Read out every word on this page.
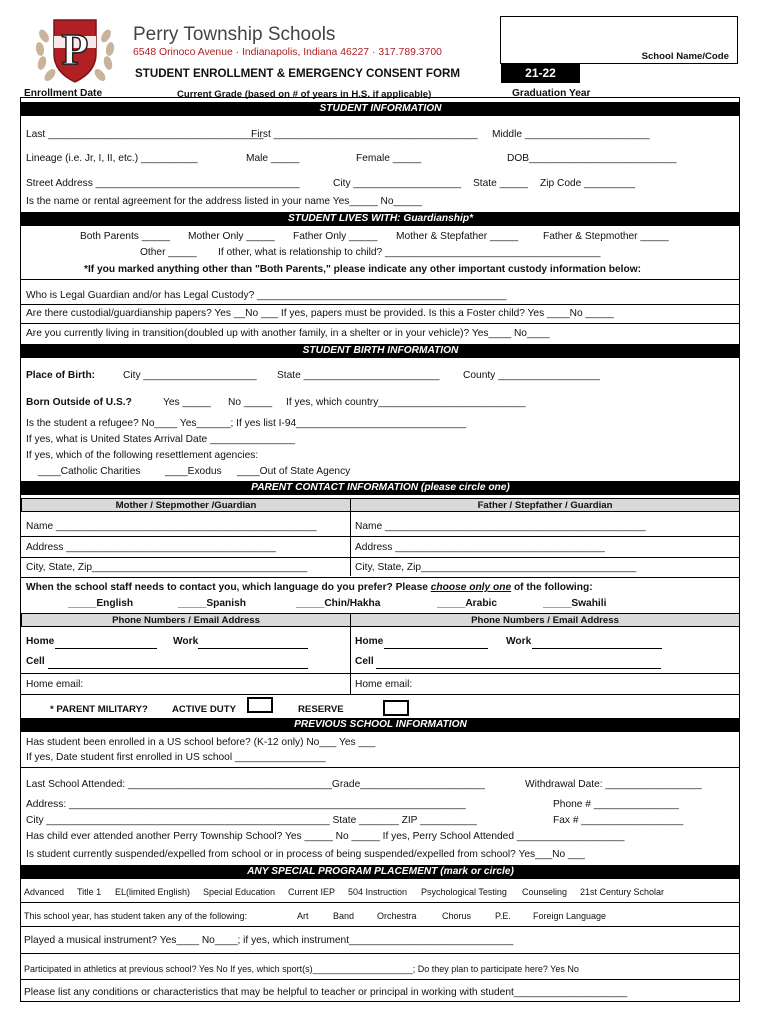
P Perry Township Schools
6548 Orinoco Avenue · Indianapolis, Indiana 46227 · 317.789.3700
STUDENT ENROLLMENT & EMERGENCY CONSENT FORM
School Name/Code
21-22
Enrollment Date __________ Current Grade (based on # of years in H.S. if applicable)_______	Graduation Year__________
STUDENT INFORMATION
Last ______________________________________
First ____________________________________ Middle ______________________
Lineage (i.e. Jr, I, II, etc.) __________	Male _____	Female _____	DOB__________________________
Street Address ____________________________________	City ___________________ State _____ Zip Code _________
Is the name or rental agreement for the address listed in your name Yes_____ No_____
STUDENT LIVES WITH: Guardianship*
Both Parents _____ Mother Only _____ Father Only _____ Mother & Stepfather _____ Father & Stepmother _____
Other _____ If other, what is relationship to child? ______________________________________
*If you marked anything other than "Both Parents," please indicate any other important custody information below:
Who is Legal Guardian and/or has Legal Custody? ____________________________________________
Are there custodial/guardianship papers? Yes __No ___ If yes, papers must be provided. Is this a Foster child? Yes ____No _____
Are you currently living in transition(doubled up with another family, in a shelter or in your vehicle)? Yes____ No____
STUDENT BIRTH INFORMATION
Place of Birth:	City ____________________ State ________________________ County __________________
Born Outside of U.S.?	Yes _____ No _____ If yes, which country__________________________
Is the student a refugee? No____ Yes______; If yes list I-94______________________________
If yes, what is United States Arrival Date _______________
If yes, which of the following resettlement agencies:
____Catholic Charities ____Exodus ____Out of State Agency
PARENT CONTACT INFORMATION (please circle one)
Mother / Stepmother /Guardian	Father / Stepfather / Guardian
Name ______________________________________________	Name ______________________________________________
Address _____________________________________	Address _____________________________________
City, State, Zip______________________________________	City, State, Zip______________________________________
When the school staff needs to contact you, which language do you prefer? Please choose only one of the following:
_____English	_____Spanish	_____Chin/Hakha	_____Arabic	_____Swahili
Phone Numbers / Email Address	Phone Numbers / Email Address
Home	Work	Home	Work
Cell	Cell
Home email:	Home email:
* PARENT MILITARY?	ACTIVE DUTY	RESERVE
PREVIOUS SCHOOL INFORMATION
Has student been enrolled in a US school before? (K-12 only) No___ Yes ___
If yes, Date student first enrolled in US school ________________
Last School Attended: ____________________________________Grade______________________	Withdrawal Date: _________________
Address: ______________________________________________________________________	Phone # _______________
City __________________________________________________ State _______ ZIP __________	Fax # __________________
Has child ever attended another Perry Township School? Yes _____ No _____ If yes, Perry School Attended ___________________
Is student currently suspended/expelled from school or in process of being suspended/expelled from school? Yes___No ___
ANY SPECIAL PROGRAM PLACEMENT (mark or circle)
Advanced Title 1 EL(limited English) Special Education Current IEP 504 Instruction Psychological Testing Counseling 21st Century Scholar
This school year, has student taken any of the following:	Art	Band	Orchestra	Chorus	P.E. Foreign Language
Played a musical instrument? Yes____ No____; if yes, which instrument_____________________________
Participated in athletics at previous school? Yes No If yes, which sport(s)____________________; Do they plan to participate here? Yes No
Please list any conditions or characteristics that may be helpful to teacher or principal in working with student____________________
